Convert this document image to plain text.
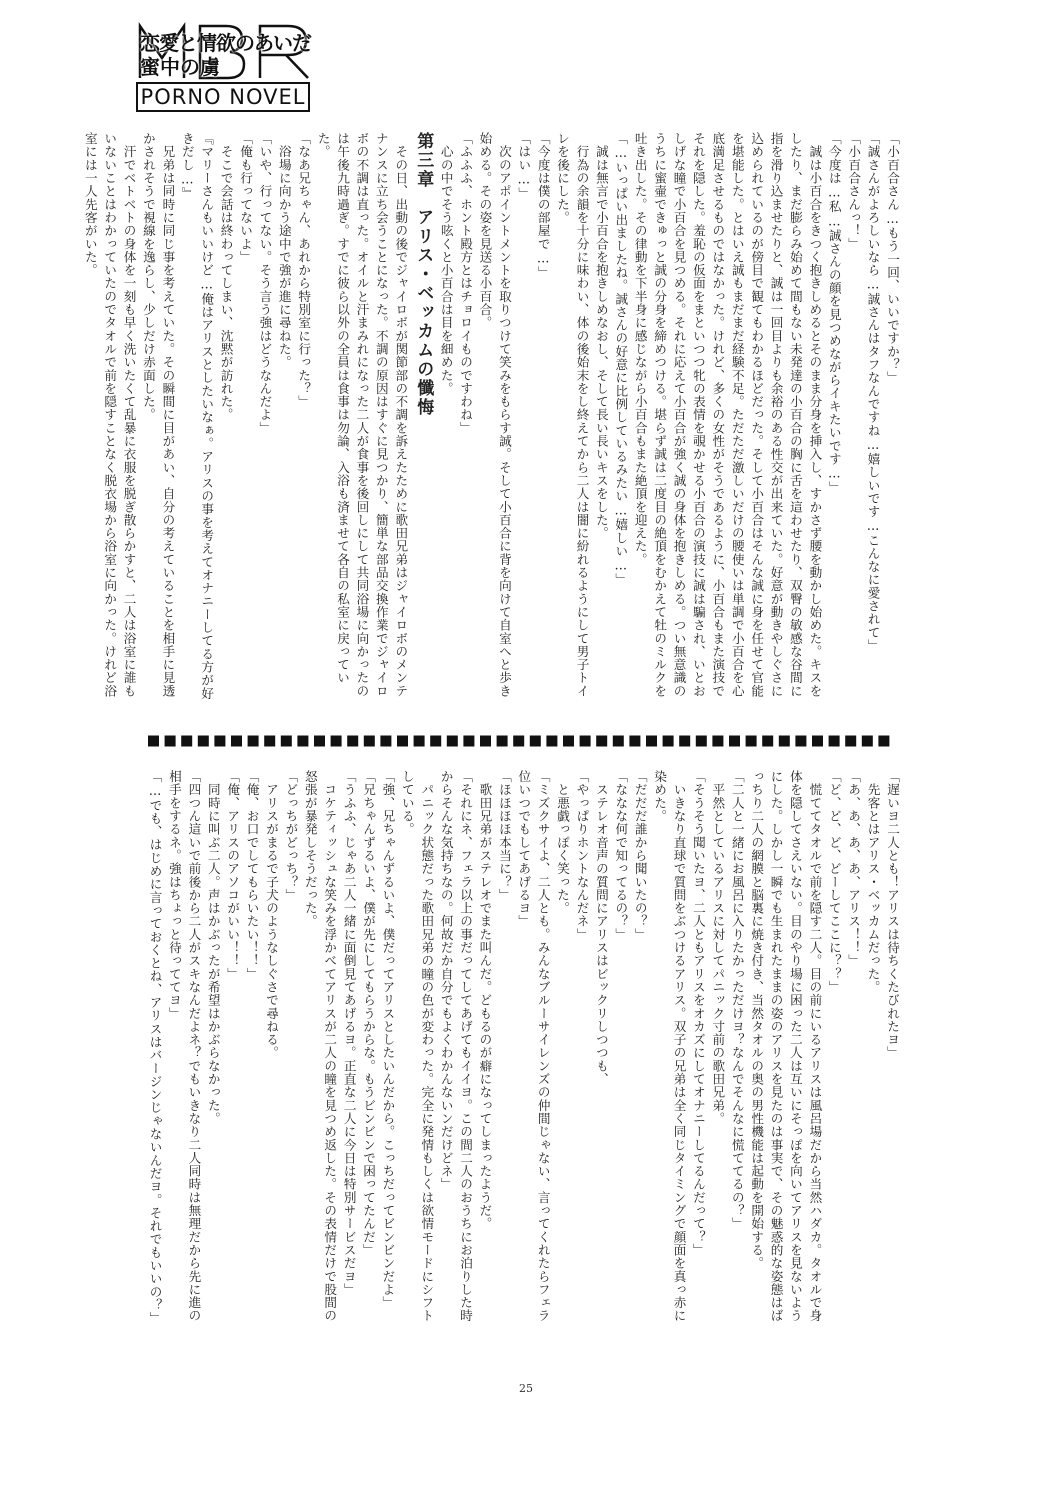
恋愛と情欲のあいだ
蜜中の虜
PORNO NOVEL

「小百合さん…もう一回、いいですか？」

「誠さんがよろしいなら…誠さんはタフなんですね…嬉しいです…こんなに愛されて」

「小百合さんっ！」

「今度は…私…誠さんの顔を見つめながらイキたいです…」

　誠は小百合をきつく抱きしめるとそのまま分身を挿入し、すかさず腰を動かし始めた。キスをしたり、まだ膨らみ始めて間もない未発達の小百合の胸に舌を這わせたり、双臀の敏感な谷間に指を滑り込ませたりと、誠は一回目よりも余裕のある性交が出来ていた。好意が動きやしぐさに込められているのが傍目で観てもわかるほどだった。そして小百合はそんな誠に身を任せて官能を堪能した。とはいえ誠もまだまだ経験不足。ただただ激しいだけの腰使いは単調で小百合を心底満足させるものではなかった。けれど、多くの女性がそうであるように、小百合もまた演技でそれを隠した。羞恥の仮面をまといつつ牝の表情を覗かせる小百合の演技に誠は騙され、いとおしげな瞳で小百合を見つめる。それに応えて小百合が強く誠の身体を抱きしめる。つい無意識のうちに蜜壷できゅっと誠の分身を締めつける。堪らず誠は二度目の絶頂をむかえて牡のミルクを吐き出した。その律動を下半身に感じながら小百合もまた絶頂を迎えた。

「…いっぱい出ましたね。誠さんの好意に比例しているみたい…嬉しい…」

　誠は無言で小百合を抱きしめなおし、そして長い長いキスをした。

　行為の余韻を十分に味わい、体の後始末をし終えてから二人は闇に紛れるようにして男子トイレを後にした。

「今度は僕の部屋で…」

「はい…」

　次のアポイントメントを取りつけて笑みをもらす誠。そして小百合に背を向けて自室へと歩き始める。その姿を見送る小百合。

「ふふふ、ホント殿方とはチョロイものですわね」

　心の中でそう呟くと小百合は目を細めた。

第三章　アリス・ベッカムの懺悔

　その日、出動の後でジャイロボが関節部の不調を訴えたために歌田兄弟はジャイロボのメンテナンスに立ち会うことになった。不調の原因はすぐに見つかり、簡単な部品交換作業でジャイロボの不調は直った。オイルと汗まみれになった二人が食事を後回しにして共同浴場に向かったのは午後九時過ぎ。すでに彼ら以外の全員は食事は勿論、入浴も済ませて各自の私室に戻っていた。

「なあ兄ちゃん、あれから特別室に行った？」

　浴場に向かう途中で強が進に尋ねた。

「いや、行ってない。そう言う強はどうなんだよ」

「俺も行ってないよ」

　そこで会話は終わってしまい、沈黙が訪れた。

『マリーさんもいいけど…俺はアリスとしたいなぁ。アリスの事を考えてオナニーしてる方が好きだし…』

　兄弟は同時に同じ事を考えていた。その瞬間に目があい、自分の考えていることを相手に見透かされそうで視線を逸らし、少しだけ赤面した。

　汗でベトベトの身体を一刻も早く洗いたくて乱暴に衣服を脱ぎ散らかすと、二人は浴室に誰もいないことはわかっていたのでタオルで前を隠すことなく脱衣場から浴室に向かった。けれど浴室には一人先客がいた。

「遅いヨ二人とも！アリスは待ちくたびれたヨ」

　先客とはアリス・ベッカムだった。

「あ、あ、あ、あ、アリス！！」

「ど、ど、ど、どーしてここに？？」

　慌ててタオルで前を隠す二人。目の前にいるアリスは風呂場だから当然ハダカ。タオルで身体を隠してさえいない。目のやり場に困った二人は互いにそっぽを向いてアリスを見ないようにした。しかし一瞬でも生まれたままの姿のアリスを見たのは事実で、その魅惑的な姿態はばっちり二人の網膜と脳裏に焼き付き、当然タオルの奥の男性機能は起動を開始する。

「二人と一緒にお風呂に入りたかっただけヨ？なんでそんなに慌ててるの？」

　平然としているアリスに対してパニック寸前の歌田兄弟。

「そうそう聞いたヨ、二人ともアリスをオカズにしてオナニーしてるんだって？」

　いきなり直球で質問をぶつけるアリス。双子の兄弟は全く同じタイミングで顔面を真っ赤に染めた。

「だだだ誰から聞いたの？」

「ななな何で知ってるの？」

　ステレオ音声の質問にアリスはビックリしつつも、

「やっぱりホントなんだネ」

　と悪戯っぽく笑った。

「ミズクサイよ、二人とも。みんなブルーサイレンズの仲間じゃない、言ってくれたらフェラ位いつでもしてあげるヨ」

「ほほほほ本当に？」

　歌田兄弟がステレオでまた叫んだ。どもるのが癖になってしまったようだ。

「それにネ、フェラ以上の事だってしてあげてもイイヨ。この間二人のおうちにお泊りした時からそんな気持ちなの。何故だか自分でもよくわかんないンだけどネ」

　パニック状態だった歌田兄弟の瞳の色が変わった。完全に発情もしくは欲情モードにシフトしている。

「強、兄ちゃんずるいよ、僕だってアリスとしたいんだから。こっちだってビンビンだよ」

「兄ちゃんずるいよ、僕が先にしてもらうからな。もうビンビンで困ってたんだ」

「うふふ、じゃあ二人一緒に面倒見てあげるヨ。正直な二人に今日は特別サービスだヨ」

　コケティッシュな笑みを浮かべてアリスが二人の瞳を見つめ返した。その表情だけで股間の怒張が暴発しそうだった。

「どっちがどっち？」

　アリスがまるで子犬のようなしぐさで尋ねる。

「俺、お口でしてもらいたい！！」

「俺、アリスのアソコがいい！！」

　同時に叫ぶ二人。声はかぶったが希望はかぶらなかった。

「四つん這いで前後から二人がスキなんだよネ？でもいきなり二人同時は無理だから先に進の相手をするネ。強はちょっと待っててヨ」

「…でも、はじめに言っておくとね、アリスはバージンじゃないんだヨ。それでもいいの？」

25
